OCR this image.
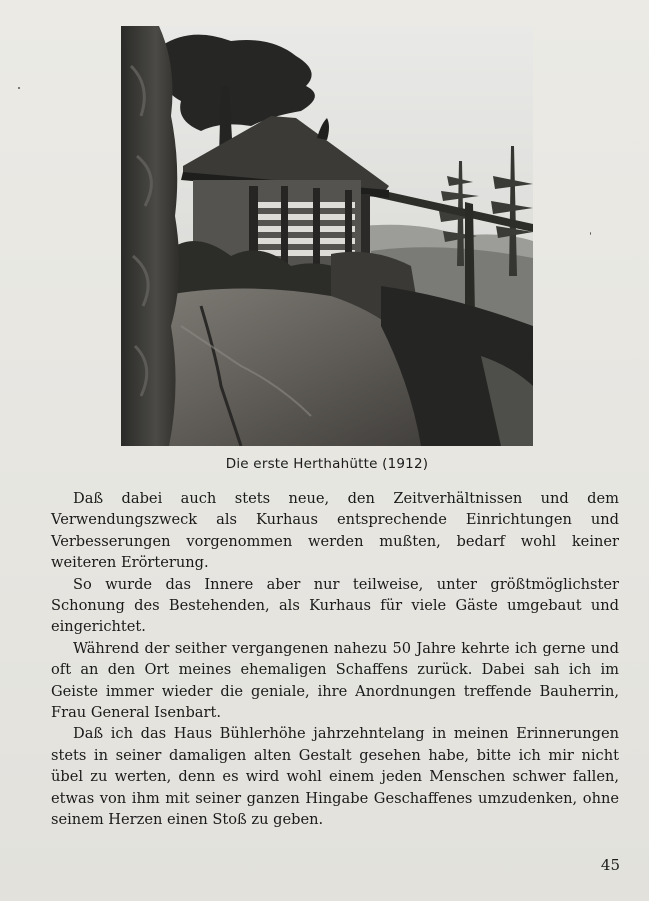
Die erste Herthahütte (1912)

Daß dabei auch stets neue, den Zeitverhältnissen und dem Verwendungszweck als Kurhaus entsprechende Einrichtungen und Verbesserungen vorgenommen werden mußten, bedarf wohl keiner weiteren Erörterung.

So wurde das Innere aber nur teilweise, unter größtmöglichster Schonung des Bestehenden, als Kurhaus für viele Gäste umgebaut und eingerichtet.

Während der seither vergangenen nahezu 50 Jahre kehrte ich gerne und oft an den Ort meines ehemaligen Schaffens zurück. Dabei sah ich im Geiste immer wieder die geniale, ihre Anordnungen treffende Bauherrin, Frau General Isenbart.

Daß ich das Haus Bühlerhöhe jahrzehntelang in meinen Erinnerungen stets in seiner damaligen alten Gestalt gesehen habe, bitte ich mir nicht übel zu werten, denn es wird wohl einem jeden Menschen schwer fallen, etwas von ihm mit seiner ganzen Hingabe Geschaffenes umzudenken, ohne seinem Herzen einen Stoß zu geben.

45
